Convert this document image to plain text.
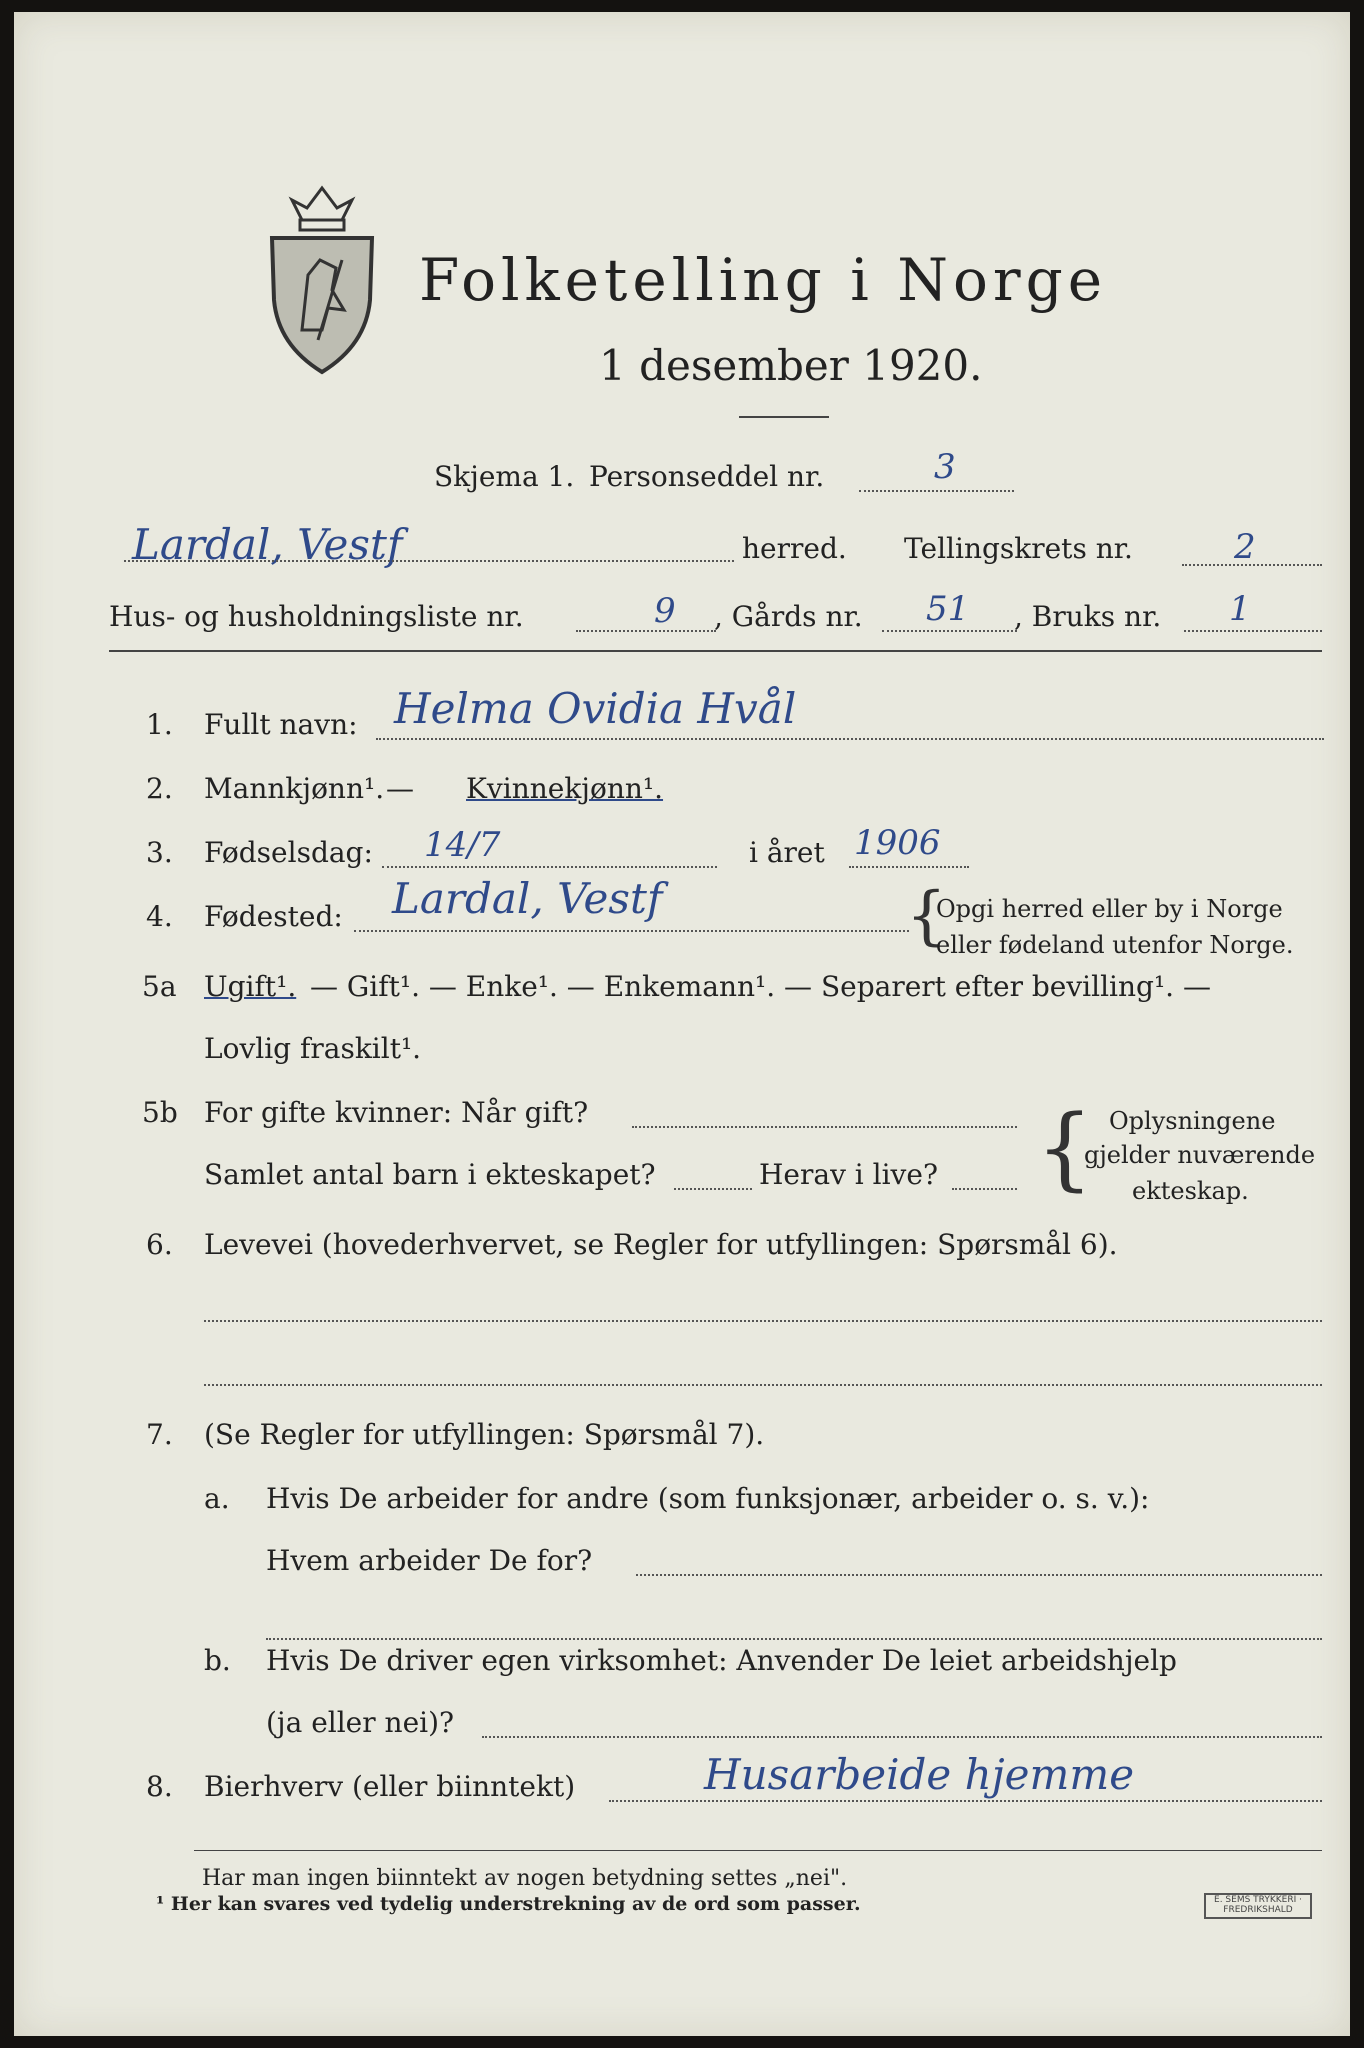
Folketelling i Norge
1 desember 1920.
Skjema 1. Personseddel nr.	3
Lardal, Vestf	herred. Tellingskrets nr.	2
Hus- og husholdningsliste nr.	9 , Gårds nr. 51 , Bruks nr. 1
1. Fullt navn: Helma Ovidia Hvål
2. Mannkjønn¹. — Kvinnekjønn¹.
3. Fødselsdag: 14/7	i året 1906
4. Fødested: Lardal, Vestf	{
Opgi herred eller by i Norge
eller fødeland utenfor Norge.
5a Ugift¹. — Gift¹. — Enke¹. — Enkemann¹. — Separert efter bevilling¹. —
Lovlig fraskilt¹.
5b For gifte kvinner: Når gift?
Samlet antal barn i ekteskapet?	Herav i live? { Oplysningene
gjelder nuværende
ekteskap.
6. Levevei (hovederhvervet, se Regler for utfyllingen: Spørsmål 6).
7. (Se Regler for utfyllingen: Spørsmål 7).
a. Hvis De arbeider for andre (som funksjonær, arbeider o. s. v.):
Hvem arbeider De for?
b. Hvis De driver egen virksomhet: Anvender De leiet arbeidshjelp
(ja eller nei)?
8. Bierhverv (eller biinntekt)	Husarbeide hjemme
Har man ingen biinntekt av nogen betydning settes „nei".
¹ Her kan svares ved tydelig understrekning av de ord som passer.	E. SEMS TRYKKERI · FREDRIKSHALD
